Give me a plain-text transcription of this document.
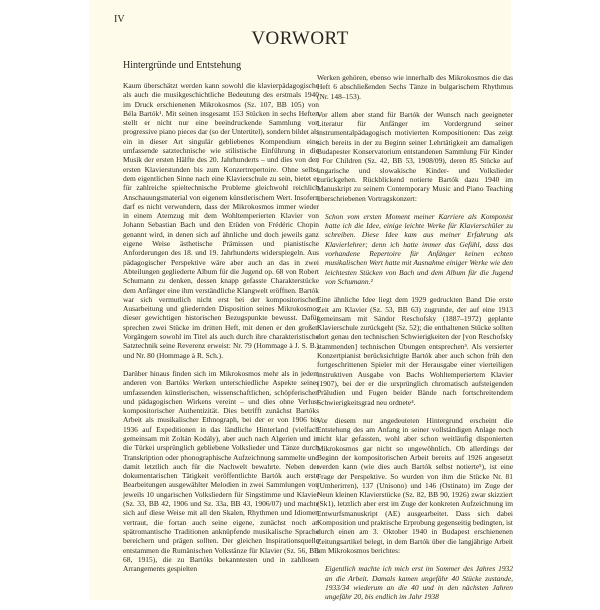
IV
VORWORT
Hintergründe und Entstehung

Kaum überschätzt werden kann sowohl die klavierpädagogische als auch die musikgeschichtliche Bedeutung des erstmals 1940 im Druck erschienenen Mikrokosmos (Sz. 107, BB 105) von Béla Bartók¹. Mit seinen insgesamt 153 Stücken in sechs Heften stellt er nicht nur eine beeindruckende Sammlung von progressive piano pieces dar (so der Untertitel), sondern bildet als ein in dieser Art singulär gebliebenes Kompendium eine umfassende satztechnische wie stilistische Einführung in die Musik der ersten Hälfte des 20. Jahrhunderts – und dies von den ersten Klavierstunden bis zum Konzertrepertoire. Ohne selbst dem eigentlichen Sinne nach eine Klavierschule zu sein, bietet er für zahlreiche spieltechnische Probleme gleichwohl reichlich Anschauungsmaterial von eigenem künstlerischem Wert. Insofern darf es nicht verwundern, dass der Mikrokosmos immer wieder in einem Atemzug mit dem Wohltemperierten Klavier von Johann Sebastian Bach und den Etüden von Frédéric Chopin genannt wird, in denen sich auf ähnliche und doch jeweils ganz eigene Weise ästhetische Prämissen und pianistische Anforderungen des 18. und 19. Jahrhunderts widerspiegeln. Aus pädagogischer Perspektive wäre aber auch an das in zwei Abteilungen gegliederte Album für die Jugend op. 68 von Robert Schumann zu denken, dessen knapp gefasste Charakterstücke dem Anfänger eine ihm verständliche Klangwelt eröffnen. Bartók war sich vermutlich nicht erst bei der kompositorischen Ausarbeitung und gliedernden Disposition seines Mikrokosmos dieser gewichtigen historischen Bezugspunkte bewusst. Dafür sprechen zwei Stücke im dritten Heft, mit denen er den großen Vorgängern sowohl im Titel als auch durch ihre charakteristische Satztechnik seine Reverenz erweist: Nr. 79 (Hommage à J. S. B.) und Nr. 80 (Hommage à R. Sch.).

Darüber hinaus finden sich im Mikrokosmos mehr als in jedem anderen von Bartóks Werken unterschiedliche Aspekte seines umfassenden künstlerischen, wissenschaftlichen, schöpferischen und pädagogischen Wirkens vereint – und dies ohne Verlust kompositorischer Authentizität. Dies betrifft zunächst Bartóks Arbeit als musikalischer Ethnograph, bei der er von 1906 bis 1936 auf Expeditionen in das ländliche Hinterland (vielfach gemeinsam mit Zoltán Kodály), aber auch nach Algerien und in die Türkei ursprünglich gebliebene Volkslieder und Tänze durch Transkription oder phonographische Aufzeichnung sammelte und damit letztlich auch für die Nachwelt bewahrte. Neben der dokumentarischen Tätigkeit veröffentlichte Bartók auch erste Bearbeitungen ausgewählter Melodien in zwei Sammlungen von jeweils 10 ungarischen Volksliedern für Singstimme und Klavier (Sz. 33, BB 42, 1906 und Sz. 33a, BB 43, 1906/07) und machte sich auf diese Weise mit all den Skalen, Rhythmen und Idiomen vertraut, die fortan auch seine eigene, zunächst noch an spätromantische Traditionen anknüpfende musikalische Sprache bereichern und prägen sollten. Der gleichen Inspirationsquelle entstammen die Rumänischen Volkstänze für Klavier (Sz. 56, BB 68, 1915), die zu Bartóks bekanntesten und in zahllosen Arrangements gespielten

Werken gehören, ebenso wie innerhalb des Mikrokosmos die das Heft 6 abschließenden Sechs Tänze in bulgarischem Rhythmus (Nr. 148–153).

Vor allem aber stand für Bartók der Wunsch nach geeigneter Literatur für Anfänger im Vordergrund seiner instrumentalpädagogisch motivierten Kompositionen: Das zeigt sich bereits in der zu Beginn seiner Lehrtätigkeit am damaligen Budapester Konservatorium entstandenen Sammlung Für Kinder / For Children (Sz. 42, BB 53, 1908/09), deren 85 Stücke auf ungarische und slowakische Kinder- und Volkslieder zurückgehen. Rückblickend notierte Bartók dazu 1940 im Manuskript zu seinem Contemporary Music and Piano Teaching überschriebenen Vortragskonzert:

Schon vom ersten Moment meiner Karriere als Komponist hatte ich die Idee, einige leichte Werke für Klavierschüler zu schreiben. Diese Idee kam aus meiner Erfahrung als Klavierlehrer; denn ich hatte immer das Gefühl, dass das vorhandene Repertoire für Anfänger keinen echten musikalischen Wert hatte mit Ausnahme einiger Werke wie den leichtesten Stücken von Bach und dem Album für die Jugend von Schumann.²

Eine ähnliche Idee liegt dem 1929 gedruckten Band Die erste Zeit am Klavier (Sz. 53, BB 63) zugrunde, der auf eine 1913 gemeinsam mit Sándor Reschofsky (1887–1972) geplante Klavierschule zurückgeht (Sz. 52); die enthaltenen Stücke sollten dort genau den technischen Schwierigkeiten der [von Reschofsky stammenden] technischen Übungen entsprechen³. Als versierter Konzertpianist berücksichtigte Bartók aber auch schon früh den fortgeschrittenen Spieler mit der Herausgabe einer vierteiligen instruktiven Ausgabe von Bachs Wohltemperiertem Klavier (1907), bei der er die ursprünglich chromatisch aufsteigenden Präludien und Fugen beider Bände nach fortschreitendem Schwierigkeitsgrad neu ordnete⁴.

Vor diesem nur angedeuteten Hintergrund erscheint die Entstehung des am Anfang in seiner vollständigen Anlage noch nicht klar gefassten, wohl aber schon weitläufig disponierten Mikrokosmos gar nicht so ungewöhnlich. Ob allerdings der Beginn der kompositorischen Arbeit bereits auf 1926 angesetzt werden kann (wie dies auch Bartók selbst notierte⁵), ist eine Frage der Perspektive. So wurden von ihm die Stücke Nr. 81 (Umherirren), 137 (Unisono) und 146 (Ostinato) im Zuge der Neun kleinen Klavierstücke (Sz. 82, BB 90, 1926) zwar skizziert (Sk1), letztlich aber erst im Zuge der konkreten Aufzeichnung im Entwurfsmanuskript (AE) ausgearbeitet. Dass sich dabei Komposition und praktische Erprobung gegenseitig bedingten, ist durch einen am 3. Oktober 1940 in Budapest erschienenen Zeitungsartikel belegt, in dem Bartók über die langjährige Arbeit am Mikrokosmos berichtes:

Eigentlich machte ich mich erst im Sommer des Jahres 1932 an die Arbeit. Damals kamen ungefähr 40 Stücke zustande, 1933/34 wiederum an die 40 und in den nächsten Jahren ungefähr 20, bis endlich im Jahr 1938
